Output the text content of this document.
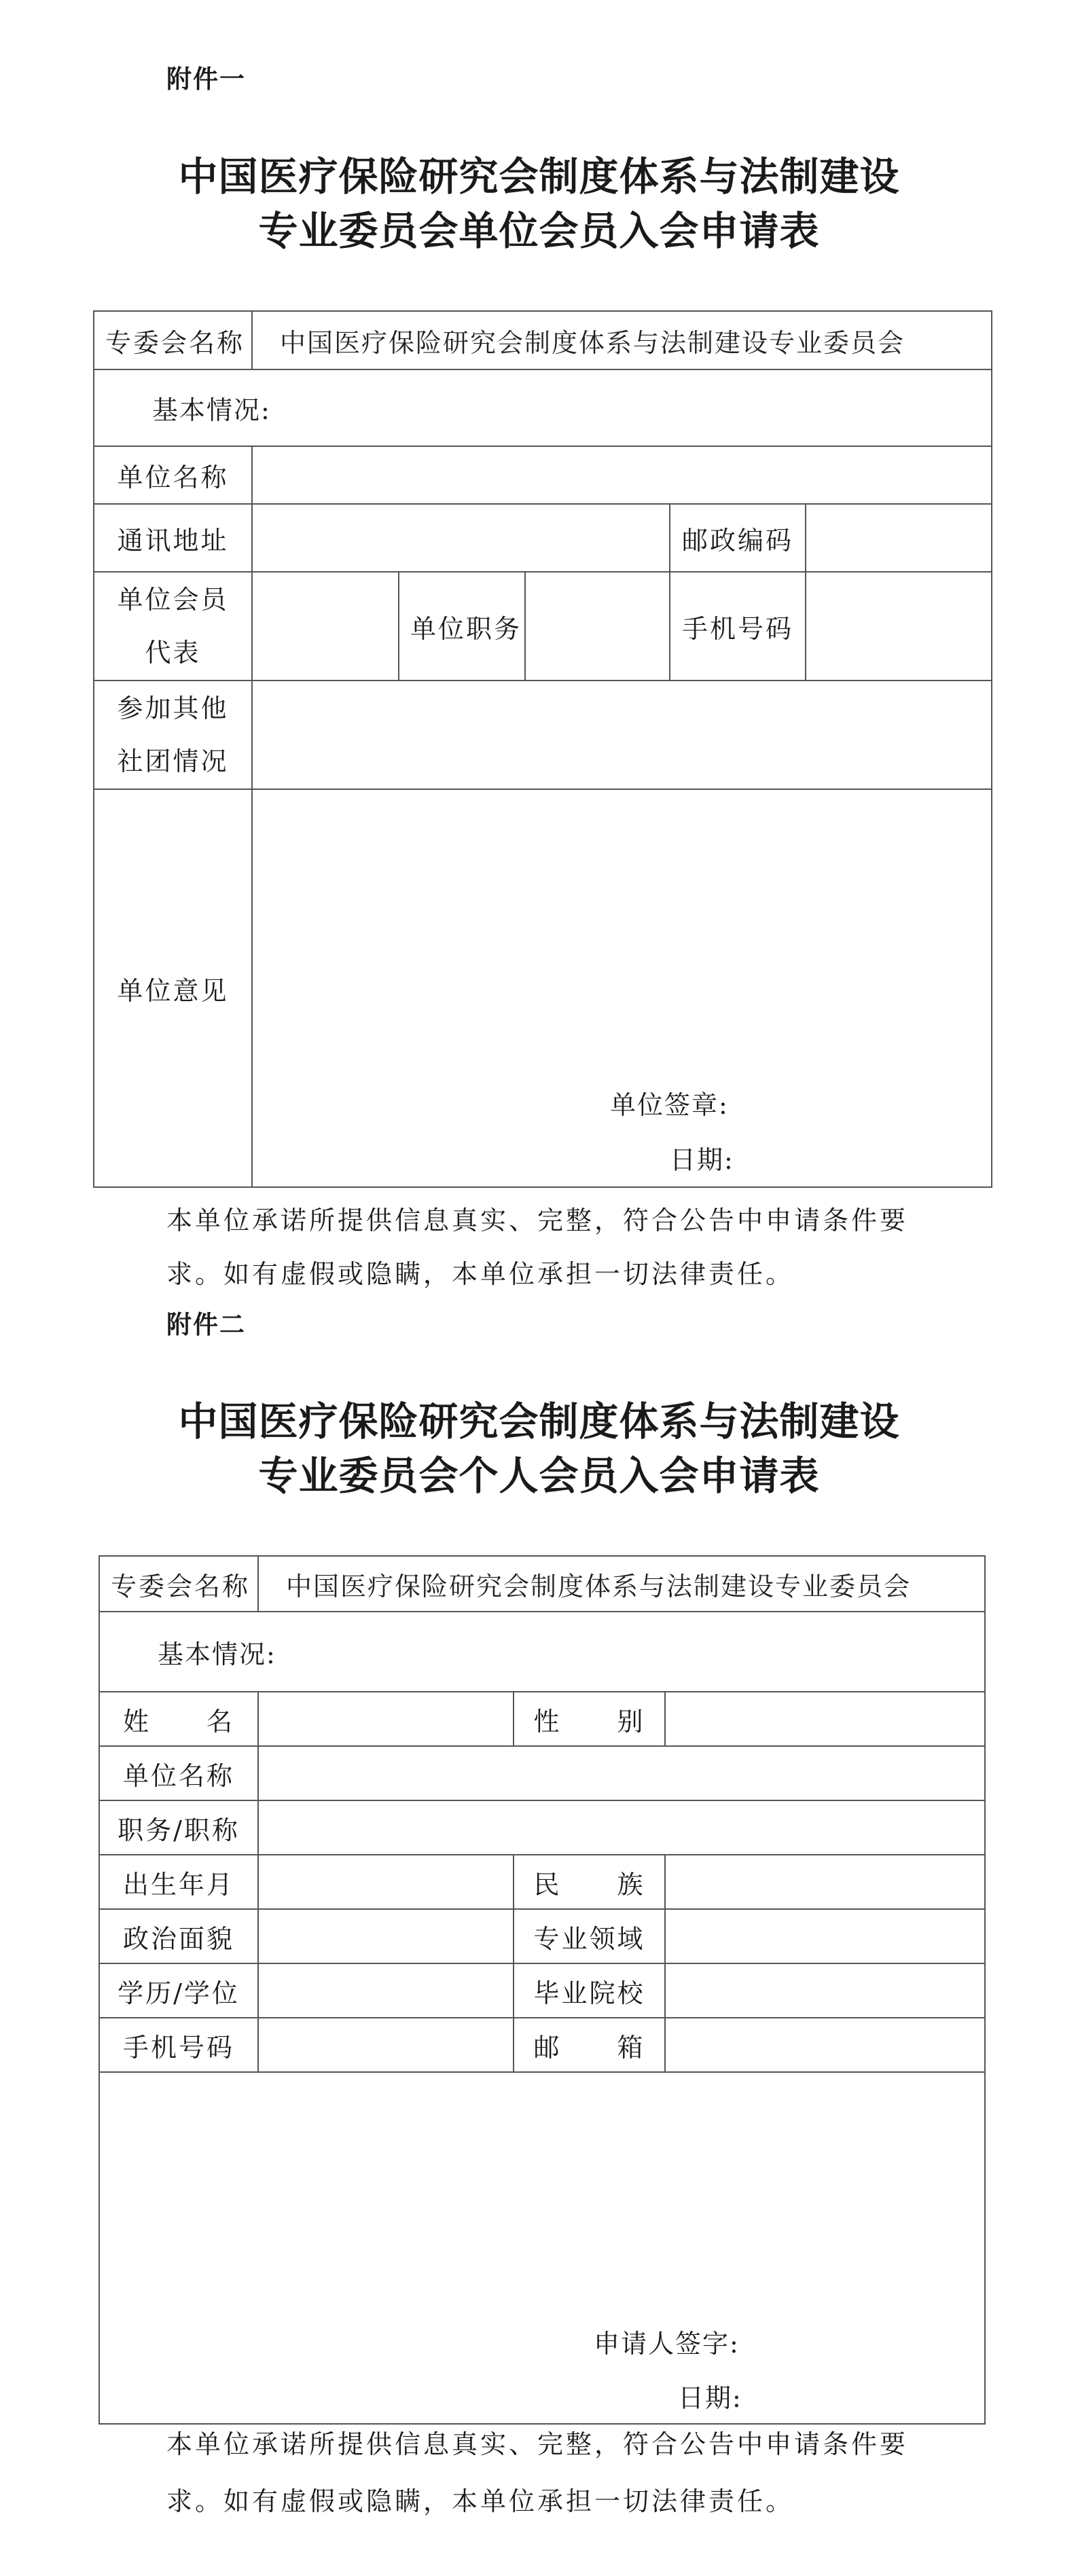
附件一
中国医疗保险研究会制度体系与法制建设
专业委员会单位会员入会申请表
专委会名称	中国医疗保险研究会制度体系与法制建设专业委员会				
基本情况:					
单位名称					
通讯地址				邮政编码	

单位会员
代表		单位职务		手机号码	

参加其他
社团情况					

单位意见	单位签章:
日期:				
本单位承诺所提供信息真实、完整，符合公告中申请条件要
求。如有虚假或隐瞒，本单位承担一切法律责任。
附件二
中国医疗保险研究会制度体系与法制建设
专业委员会个人会员入会申请表
专委会名称	中国医疗保险研究会制度体系与法制建设专业委员会		
基本情况:			
姓　　名		性　　别	
单位名称			
职务/职称			
出生年月		民　　族	
政治面貌		专业领域	
学历/学位		毕业院校	
手机号码		邮　　箱	

申请人签字:
日期:			
本单位承诺所提供信息真实、完整，符合公告中申请条件要
求。如有虚假或隐瞒，本单位承担一切法律责任。
